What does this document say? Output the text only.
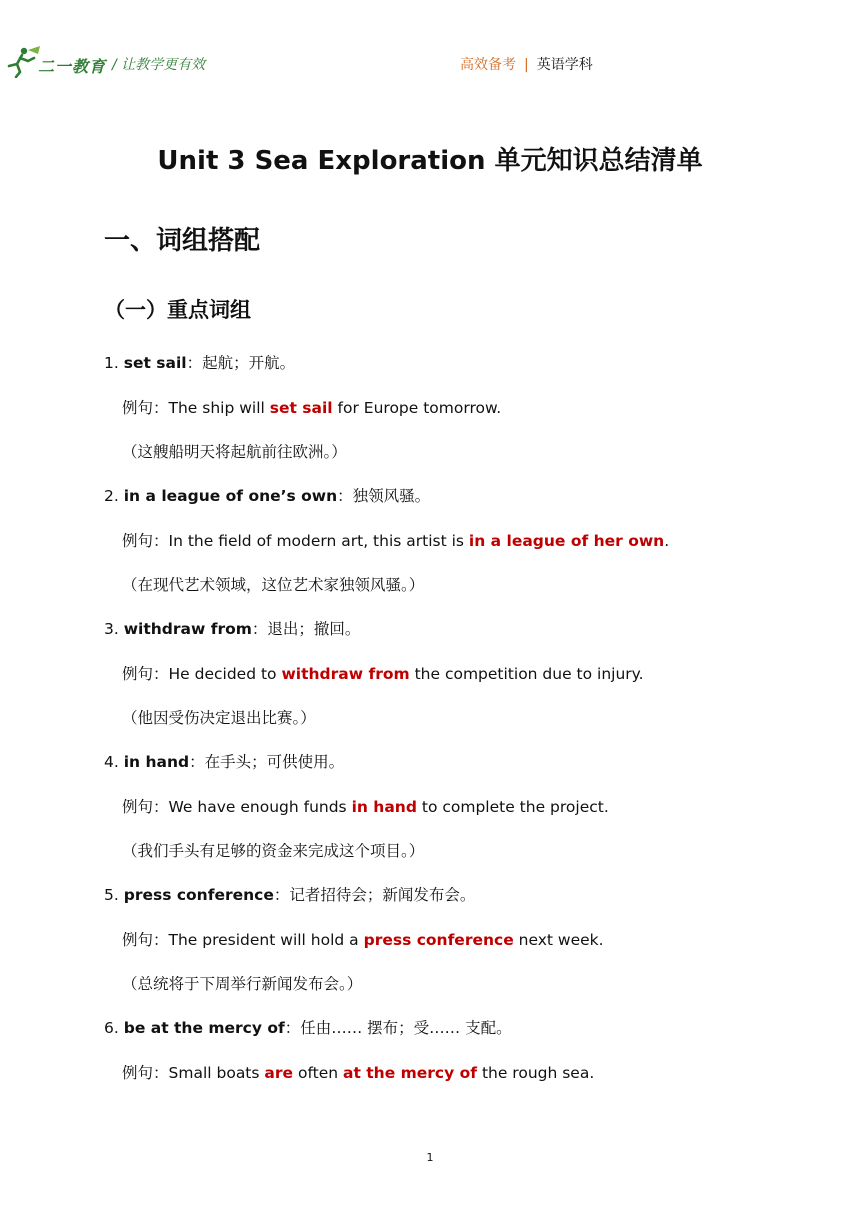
二一教育 / 让教学更有效	高效备考 | 英语学科
Unit 3 Sea Exploration 单元知识总结清单
一、词组搭配
（一）重点词组
1. set sail：起航；开航。
例句：The ship will set sail for Europe tomorrow.
（这艘船明天将起航前往欧洲。）
2. in a league of one’s own：独领风骚。
例句：In the field of modern art, this artist is in a league of her own.
（在现代艺术领域，这位艺术家独领风骚。）
3. withdraw from：退出；撤回。
例句：He decided to withdraw from the competition due to injury.
（他因受伤决定退出比赛。）
4. in hand：在手头；可供使用。
例句：We have enough funds in hand to complete the project.
（我们手头有足够的资金来完成这个项目。）
5. press conference：记者招待会；新闻发布会。
例句：The president will hold a press conference next week.
（总统将于下周举行新闻发布会。）
6. be at the mercy of：任由…… 摆布；受…… 支配。
例句：Small boats are often at the mercy of the rough sea.
1
